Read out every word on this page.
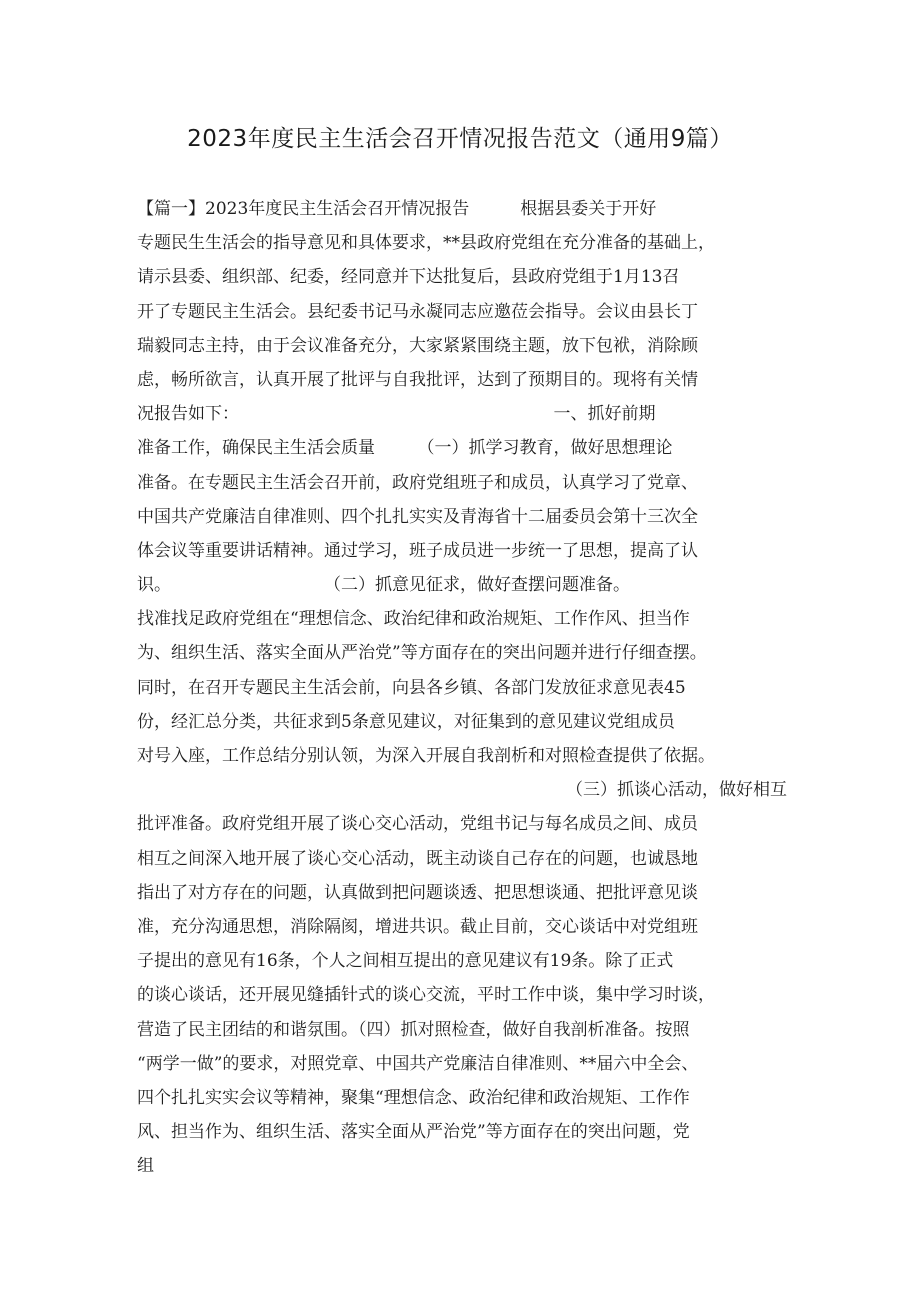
2023年度民主生活会召开情况报告范文（通用9篇）
【篇一】2023年度民主生活会召开情况报告　　　根据县委关于开好
专题民生生活会的指导意见和具体要求，**县政府党组在充分准备的基础上，
请示县委、组织部、纪委，经同意并下达批复后，县政府党组于1月13召
开了专题民主生活会。县纪委书记马永凝同志应邀莅会指导。会议由县长丁
瑞毅同志主持，由于会议准备充分，大家紧紧围绕主题，放下包袱，消除顾
虑，畅所欲言，认真开展了批评与自我批评，达到了预期目的。现将有关情
况报告如下：　　　　　　　　　　　　　　　　　　　一、抓好前期
准备工作，确保民主生活会质量　　　（一）抓学习教育，做好思想理论
准备。在专题民主生活会召开前，政府党组班子和成员，认真学习了党章、
中国共产党廉洁自律准则、四个扎扎实实及青海省十二届委员会第十三次全
体会议等重要讲话精神。通过学习，班子成员进一步统一了思想，提高了认
识。　　　　　　　　　　（二）抓意见征求，做好查摆问题准备。
找准找足政府党组在“理想信念、政治纪律和政治规矩、工作作风、担当作
为、组织生活、落实全面从严治党”等方面存在的突出问题并进行仔细查摆。
同时，在召开专题民主生活会前，向县各乡镇、各部门发放征求意见表45
份，经汇总分类，共征求到5条意见建议，对征集到的意见建议党组成员
对号入座，工作总结分别认领，为深入开展自我剖析和对照检查提供了依据。
（三）抓谈心活动，做好相互
批评准备。政府党组开展了谈心交心活动，党组书记与每名成员之间、成员
相互之间深入地开展了谈心交心活动，既主动谈自己存在的问题，也诚恳地
指出了对方存在的问题，认真做到把问题谈透、把思想谈通、把批评意见谈
准，充分沟通思想，消除隔阂，增进共识。截止目前，交心谈话中对党组班
子提出的意见有16条，个人之间相互提出的意见建议有19条。除了正式
的谈心谈话，还开展见缝插针式的谈心交流，平时工作中谈，集中学习时谈，
营造了民主团结的和谐氛围。（四）抓对照检查，做好自我剖析准备。按照
“两学一做”的要求，对照党章、中国共产党廉洁自律准则、**届六中全会、
四个扎扎实实会议等精神，聚集“理想信念、政治纪律和政治规矩、工作作
风、担当作为、组织生活、落实全面从严治党”等方面存在的突出问题，党
组
